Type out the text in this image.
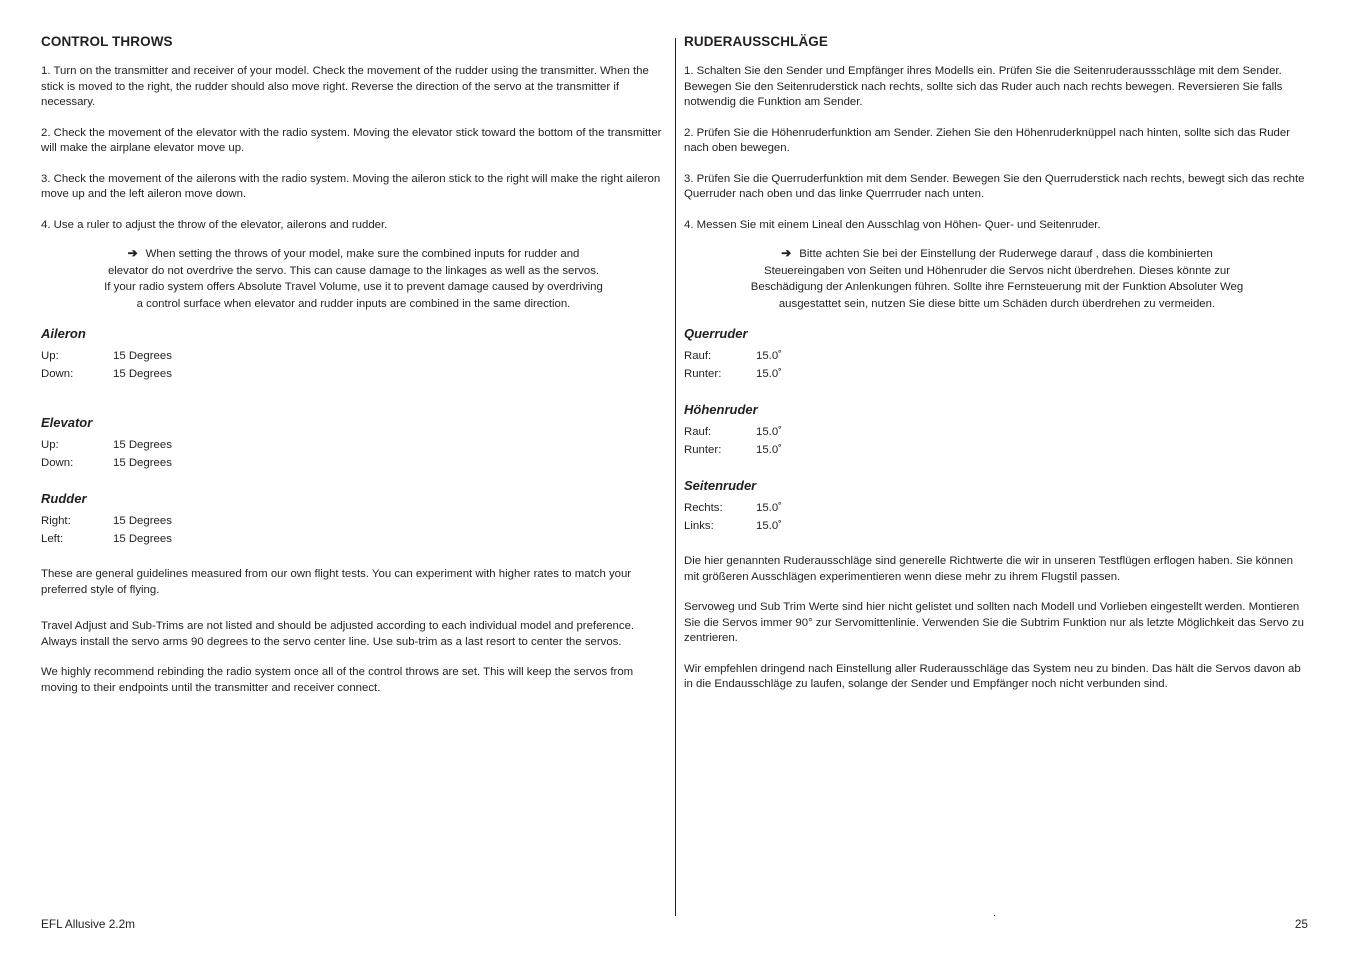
CONTROL THROWS

1. Turn on the transmitter and receiver of your model. Check the movement of the rudder using the transmitter. When the stick is moved to the right, the rudder should also move right. Reverse the direction of the servo at the transmitter if necessary.

2. Check the movement of the elevator with the radio system. Moving the elevator stick toward the bottom of the transmitter will make the airplane elevator move up.

3. Check the movement of the ailerons with the radio system. Moving the aileron stick to the right will make the right aileron move up and the left aileron move down.

4. Use a ruler to adjust the throw of the elevator, ailerons and rudder.

➔ When setting the throws of your model, make sure the combined inputs for rudder and
elevator do not overdrive the servo. This can cause damage to the linkages as well as the servos.
If your radio system offers Absolute Travel Volume, use it to prevent damage caused by overdriving
a control surface when elevator and rudder inputs are combined in the same direction.
Aileron
Up:	15 Degrees
Down:	15 Degrees
Elevator
Up:	15 Degrees
Down:	15 Degrees
Rudder
Right:	15 Degrees
Left:	15 Degrees

These are general guidelines measured from our own flight tests. You can experiment with higher rates to match your preferred style of flying.

Travel Adjust and Sub-Trims are not listed and should be adjusted according to each individual model and preference. Always install the servo arms 90 degrees to the servo center line. Use sub-trim as a last resort to center the servos.

We highly recommend rebinding the radio system once all of the control throws are set. This will keep the servos from moving to their endpoints until the transmitter and receiver connect.

RUDERAUSSCHLÄGE

1. Schalten Sie den Sender und Empfänger ihres Modells ein. Prüfen Sie die Seitenruderaussschläge mit dem Sender. Bewegen Sie den Seitenruderstick nach rechts, sollte sich das Ruder auch nach rechts bewegen. Reversieren Sie falls notwendig die Funktion am Sender.

2. Prüfen Sie die Höhenruderfunktion am Sender. Ziehen Sie den Höhenruderknüppel nach hinten, sollte sich das Ruder nach oben bewegen.

3. Prüfen Sie die Querruderfunktion mit dem Sender. Bewegen Sie den Querruderstick nach rechts, bewegt sich das rechte Querruder nach oben und das linke Querrruder nach unten.

4. Messen Sie mit einem Lineal den Ausschlag von Höhen- Quer- und Seitenruder.

➔ Bitte achten Sie bei der Einstellung der Ruderwege darauf , dass die kombinierten
Steuereingaben von Seiten und Höhenruder die Servos nicht überdrehen. Dieses könnte zur
Beschädigung der Anlenkungen führen. Sollte ihre Fernsteuerung mit der Funktion Absoluter Weg
ausgestattet sein, nutzen Sie diese bitte um Schäden durch überdrehen zu vermeiden.
Querruder
Rauf:	15.0˚
Runter:	15.0˚
Höhenruder
Rauf:	15.0˚
Runter:	15.0˚
Seitenruder
Rechts:	15.0˚
Links:	15.0˚

Die hier genannten Ruderausschläge sind generelle Richtwerte die wir in unseren Testflügen erflogen haben. Sie können mit größeren Ausschlägen experimentieren wenn diese mehr zu ihrem Flugstil passen.

Servoweg und Sub Trim Werte sind hier nicht gelistet und sollten nach Modell und Vorlieben eingestellt werden. Montieren Sie die Servos immer 90° zur Servomittenlinie. Verwenden Sie die Subtrim Funktion nur als letzte Möglichkeit das Servo zu zentrieren.

Wir empfehlen dringend nach Einstellung aller Ruderausschläge das System neu zu binden. Das hält die Servos davon ab in die Endausschläge zu laufen, solange der Sender und Empfänger noch nicht verbunden sind.

EFL Allusive 2.2m	25
